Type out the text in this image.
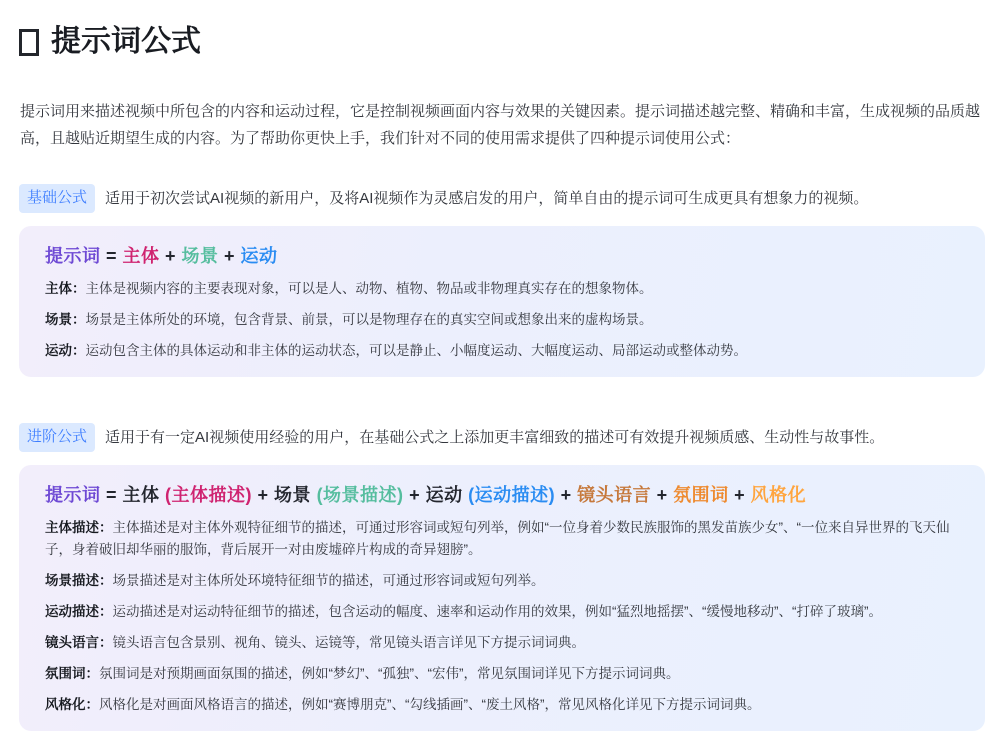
提示词公式

提示词用来描述视频中所包含的内容和运动过程，它是控制视频画面内容与效果的关键因素。提示词描述越完整、精确和丰富，生成视频的品质越高，且越贴近期望生成的内容。为了帮助你更快上手，我们针对不同的使用需求提供了四种提示词使用公式：

基础公式	适用于初次尝试AI视频的新用户，及将AI视频作为灵感启发的用户，简单自由的提示词可生成更具有想象力的视频。
提示词 = 主体 + 场景 + 运动

主体：主体是视频内容的主要表现对象，可以是人、动物、植物、物品或非物理真实存在的想象物体。

场景：场景是主体所处的环境，包含背景、前景，可以是物理存在的真实空间或想象出来的虚构场景。

运动：运动包含主体的具体运动和非主体的运动状态，可以是静止、小幅度运动、大幅度运动、局部运动或整体动势。

进阶公式	适用于有一定AI视频使用经验的用户，在基础公式之上添加更丰富细致的描述可有效提升视频质感、生动性与故事性。
提示词 = 主体 (主体描述) + 场景 (场景描述) + 运动 (运动描述) + 镜头语言 + 氛围词 + 风格化

主体描述：主体描述是对主体外观特征细节的描述，可通过形容词或短句列举，例如“一位身着少数民族服饰的黑发苗族少女”、“一位来自异世界的飞天仙子，身着破旧却华丽的服饰，背后展开一对由废墟碎片构成的奇异翅膀”。

场景描述：场景描述是对主体所处环境特征细节的描述，可通过形容词或短句列举。

运动描述：运动描述是对运动特征细节的描述，包含运动的幅度、速率和运动作用的效果，例如“猛烈地摇摆”、“缓慢地移动”、“打碎了玻璃”。

镜头语言：镜头语言包含景别、视角、镜头、运镜等，常见镜头语言详见下方提示词词典。

氛围词：氛围词是对预期画面氛围的描述，例如“梦幻”、“孤独”、“宏伟”，常见氛围词详见下方提示词词典。

风格化：风格化是对画面风格语言的描述，例如“赛博朋克”、“勾线插画”、“废土风格”，常见风格化详见下方提示词词典。
